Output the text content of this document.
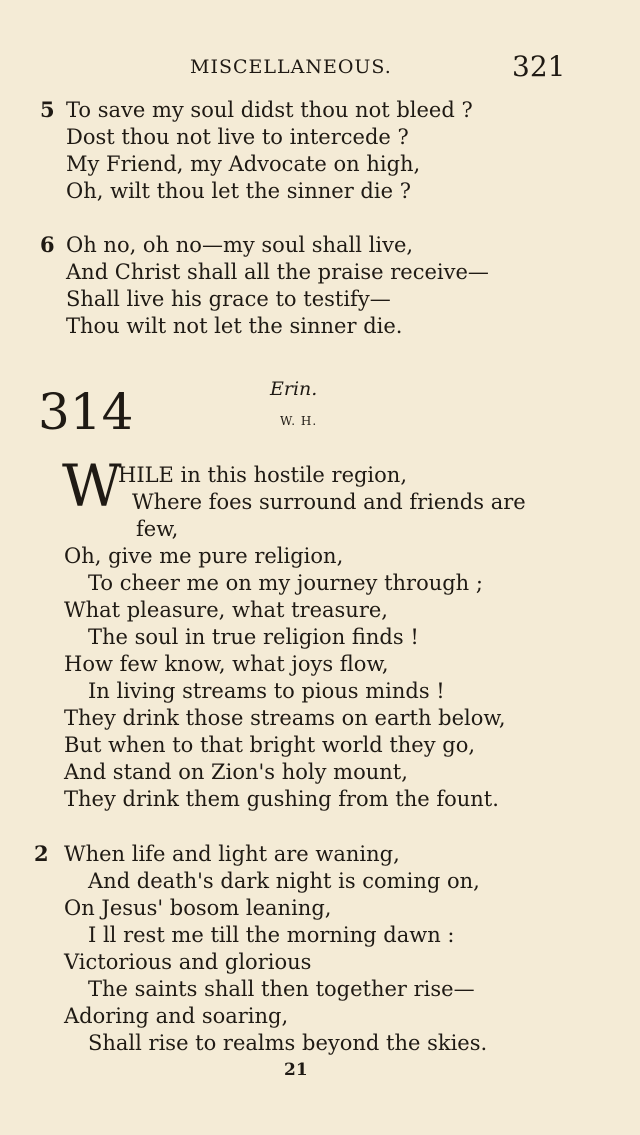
MISCELLANEOUS.	321
5 To save my soul didst thou not bleed ?
Dost thou not live to intercede ?
My Friend, my Advocate on high,
Oh, wilt thou let the sinner die ?
6 Oh no, oh no—my soul shall live,
And Christ shall all the praise receive—
Shall live his grace to testify—
Thou wilt not let the sinner die.
314	Erin.
W. H.
W
HILE in this hostile region,
Where foes surround and friends are
few,
Oh, give me pure religion,
To cheer me on my journey through ;
What pleasure, what treasure,
The soul in true religion finds !
How few know, what joys flow,
In living streams to pious minds !
They drink those streams on earth below,
But when to that bright world they go,
And stand on Zion's holy mount,
They drink them gushing from the fount.
2 When life and light are waning,
And death's dark night is coming on,
On Jesus' bosom leaning,
I ll rest me till the morning dawn :
Victorious and glorious
The saints shall then together rise—
Adoring and soaring,
Shall rise to realms beyond the skies.
21
